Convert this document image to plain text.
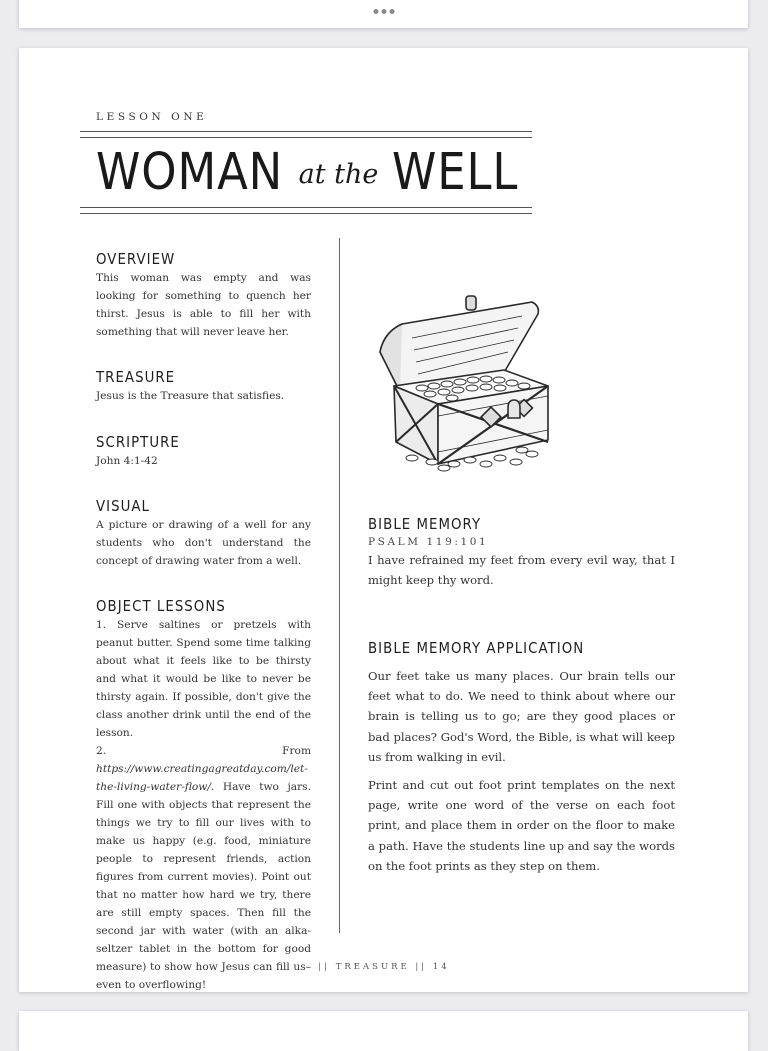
LESSON ONE
WOMAN at the WELL
OVERVIEW

This woman was empty and was looking for something to quench her thirst. Jesus is able to fill her with something that will never leave her.

TREASURE

Jesus is the Treasure that satisfies.

SCRIPTURE

John 4:1-42

VISUAL

A picture or drawing of a well for any students who don't understand the concept of drawing water from a well.

OBJECT LESSONS

1. Serve saltines or pretzels with peanut butter. Spend some time talking about what it feels like to be thirsty and what it would be like to never be thirsty again. If possible, don't give the class another drink until the end of the lesson.

2. From https://www.creatingagreatday.com/let-the-living-water-flow/. Have two jars. Fill one with objects that represent the things we try to fill our lives with to make us happy (e.g. food, miniature people to represent friends, action figures from current movies). Point out that no matter how hard we try, there are still empty spaces. Then fill the second jar with water (with an alka-seltzer tablet in the bottom for good measure) to show how Jesus can fill us–even to overflowing!

BIBLE MEMORY
PSALM 119:101

I have refrained my feet from every evil way, that I might keep thy word.

BIBLE MEMORY APPLICATION

Our feet take us many places. Our brain tells our feet what to do. We need to think about where our brain is telling us to go; are they good places or bad places? God's Word, the Bible, is what will keep us from walking in evil.

Print and cut out foot print templates on the next page, write one word of the verse on each foot print, and place them in order on the floor to make a path. Have the students line up and say the words on the foot prints as they step on them.

|| TREASURE || 14
